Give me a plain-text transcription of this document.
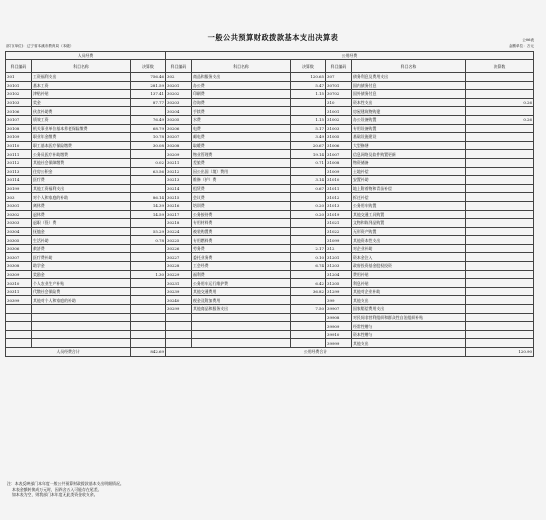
一般公共预算财政拨款基本支出决算表	公06表
部门(单位)：辽宁省本溪市教育局（本级）	金额单位：万元
人员经费			公用经费					
科目编码	科目名称	决算数	科目编码	科目名称	决算数	科目编码	科目名称	决算数
301	工资福利支出	756.46	302	商品和服务支出	120.65	307	债务利息及费用支出	
30101	基本工资	281.59	30201	办公费	5.47	30701	国内债务付息	
30102	津贴补贴	137.41	30202	印刷费	1.15	30702	国外债务付息	
30103	奖金	87.77	30203	咨询费		310	资本性支出	0.26
30106	伙食补助费		30204	手续费		31001	房屋建筑物购建	
30107	绩效工资	76.49	30205	水费	1.15	31002	办公设备购置	0.26
30108	机关事业单位基本养老保险缴费	68.79	30206	电费	5.17	31003	专用设备购置	
30109	职业年金缴费	10.78	30207	邮电费	3.49	31005	基础设施建设	
30110	职工基本医疗保险缴费	30.08	30208	取暖费	20.67	31006	大型修缮	
30111	公务员医疗补助缴费		30209	物业管理费	19.14	31007	信息网络及软件购置更新	
30112	其他社会保障缴费	0.02	30211	差旅费	0.71	31008	物资储备	
30113	住房公积金	63.56	30212	因公出国（境）费用		31009	土地补偿	
30114	医疗费		30213	维修（护）费	3.14	31010	安置补助	
30199	其他工资福利支出		30214	租赁费	0.67	31011	地上附着物和青苗补偿	
303	对个人和家庭的补助	86.14	30215	会议费		31012	拆迁补偿	
30301	离休费	14.39	30216	培训费	0.20	31013	公务用车购置	
30302	退休费	14.59	30217	公务接待费	0.20	31019	其他交通工具购置	
30303	退职（役）费		30218	专用材料费		31021	文物和陈列品购置	
30304	抚恤金	55.29	30224	被装购置费		31022	无形资产购置	
30305	生活补助	0.78	30225	专用燃料费		31099	其他资本性支出	
30306	救济费		30226	劳务费	2.17	312	对企业补助	
30307	医疗费补助		30227	委托业务费	0.10	31201	资本金注入	
30308	助学金		30228	工会经费	6.74	31203	政府投资基金股权投资	
30309	奖励金	1.30	30229	福利费		31204	费用补贴	
30310	个人农业生产补贴		30231	公务用车运行维护费	6.42	31205	利息补贴	
30311	代缴社会保险费		30239	其他交通费用	36.82	31299	其他对企业补助	
30399	其他对个人和家庭的补助		30240	税金及附加费用		399	其他支出	
			30299	其他商品和服务支出	7.50	39907	国家赔偿费用支出	
						39908	对民间非营利组织和群众性自治组织补贴	
						39909	经常性赠与	
						39910	资本性赠与	
						39999	其他支出	
人员经费合计		842.69	公用经费合计					120.90
注：本表反映部门本年度一般公共预算财政拨款基本支出明细情况。
本表金额转换成万元时，因四舍五入可能存在尾差。
如本表为空，则我部门本年度无此类资金收支余。
